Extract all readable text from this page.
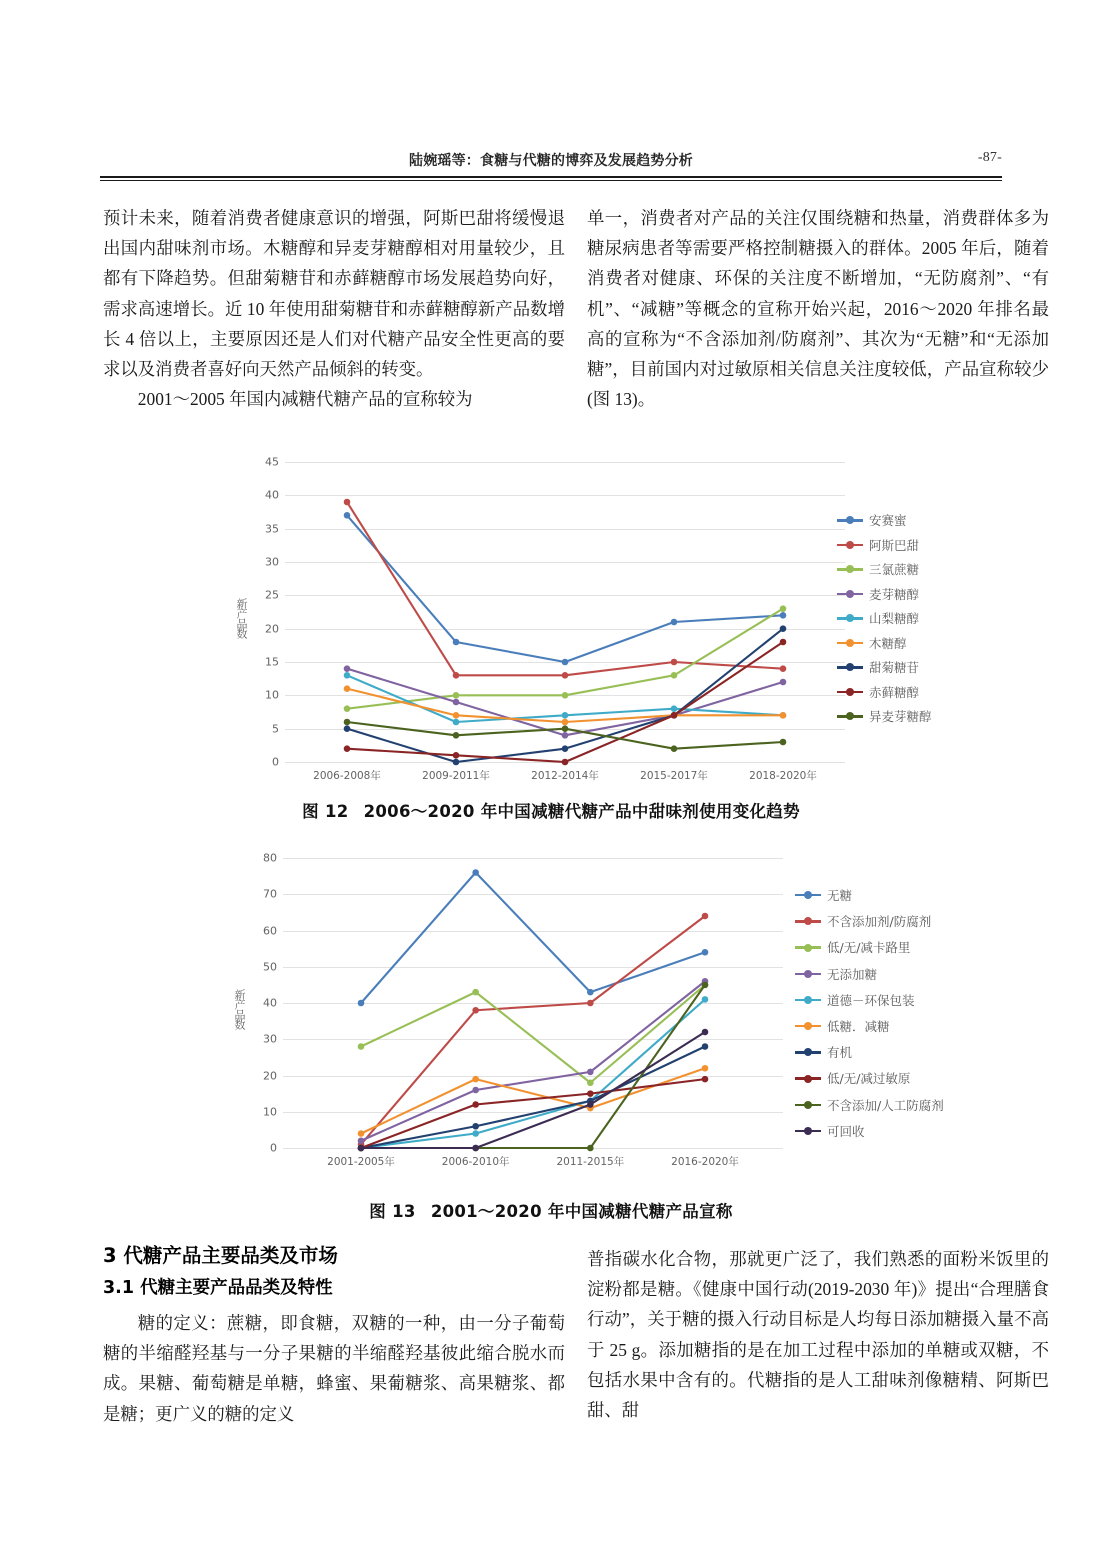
陆婉瑶等：食糖与代糖的博弈及发展趋势分析	-87-

预计未来，随着消费者健康意识的增强，阿斯巴甜将缓慢退出国内甜味剂市场。木糖醇和异麦芽糖醇相对用量较少，且都有下降趋势。但甜菊糖苷和赤藓糖醇市场发展趋势向好，需求高速增长。近 10 年使用甜菊糖苷和赤藓糖醇新产品数增长 4 倍以上，主要原因还是人们对代糖产品安全性更高的要求以及消费者喜好向天然产品倾斜的转变。

2001～2005 年国内减糖代糖产品的宣称较为

单一，消费者对产品的关注仅围绕糖和热量，消费群体多为糖尿病患者等需要严格控制糖摄入的群体。2005 年后，随着消费者对健康、环保的关注度不断增加，“无防腐剂”、“有机”、“减糖”等概念的宣称开始兴起，2016～2020 年排名最高的宣称为“不含添加剂/防腐剂”、其次为“无糖”和“无添加糖”，目前国内对过敏原相关信息关注度较低，产品宣称较少(图 13)。

0
5
10
15
20
25
30
35
40
45
2006-2008年	2009-2011年	2012-2014年	2015-2017年	2018-2020年
新产品数
安赛蜜
阿斯巴甜
三氯蔗糖
麦芽糖醇
山梨糖醇
木糖醇
甜菊糖苷
赤藓糖醇
异麦芽糖醇
图 12 2006～2020 年中国减糖代糖产品中甜味剂使用变化趋势
0
10
20
30
40
50
60
70
80
2001-2005年	2006-2010年	2011-2015年	2016-2020年
新产品数
无糖
不含添加剂/防腐剂
低/无/减卡路里
无添加糖
道德－环保包装
低糖．减糖
有机
低/无/减过敏原
不含添加/人工防腐剂
可回收
图 13 2001～2020 年中国减糖代糖产品宣称
3 代糖产品主要品类及市场
3.1 代糖主要产品品类及特性

糖的定义：蔗糖，即食糖，双糖的一种，由一分子葡萄糖的半缩醛羟基与一分子果糖的半缩醛羟基彼此缩合脱水而成。果糖、葡萄糖是单糖，蜂蜜、果葡糖浆、高果糖浆、都是糖；更广义的糖的定义

普指碳水化合物，那就更广泛了，我们熟悉的面粉米饭里的淀粉都是糖。《健康中国行动(2019-2030 年)》提出“合理膳食行动”，关于糖的摄入行动目标是人均每日添加糖摄入量不高于 25 g。添加糖指的是在加工过程中添加的单糖或双糖，不包括水果中含有的。代糖指的是人工甜味剂像糖精、阿斯巴甜、甜
